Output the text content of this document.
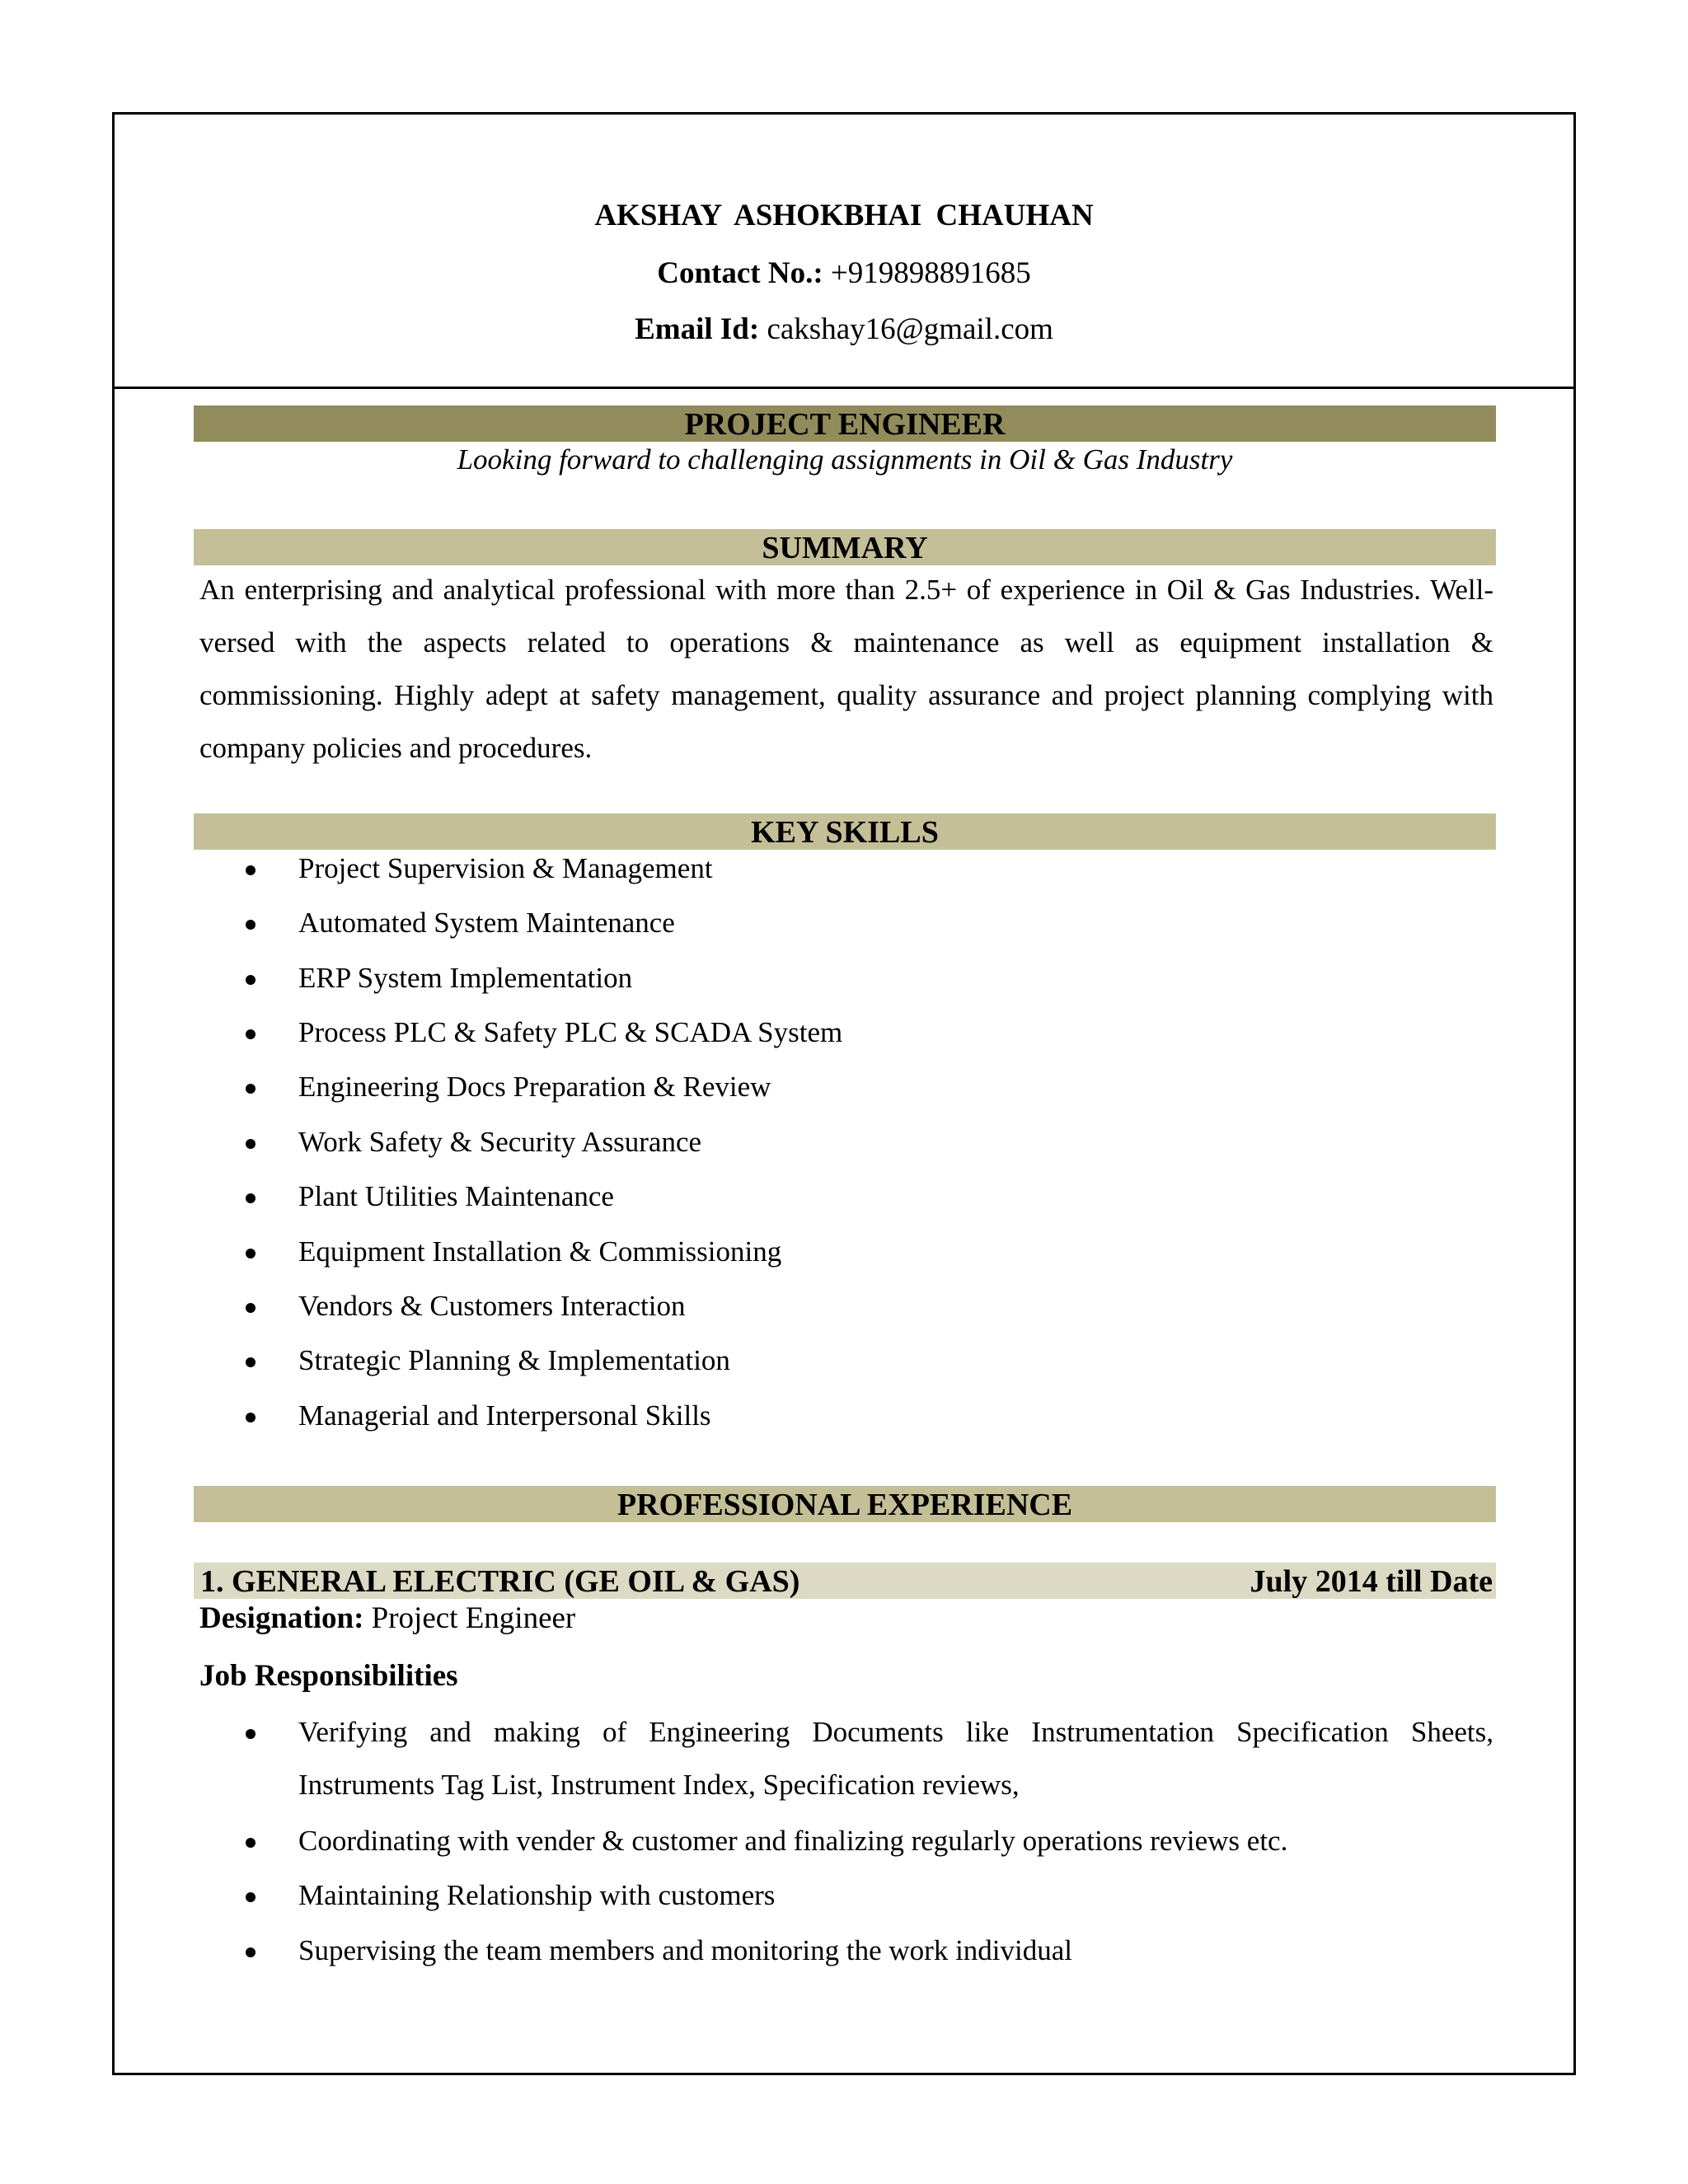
AKSHAY ASHOKBHAI CHAUHAN
Contact No.: +919898891685
Email Id: cakshay16@gmail.com
PROJECT ENGINEER
Looking forward to challenging assignments in Oil & Gas Industry
SUMMARY

An enterprising and analytical professional with more than 2.5+ of experience in Oil & Gas Industries. Well-versed with the aspects related to operations & maintenance as well as equipment installation & commissioning. Highly adept at safety management, quality assurance and project planning complying with company policies and procedures.

KEY SKILLS
Project Supervision & Management
Automated System Maintenance
ERP System Implementation
Process PLC & Safety PLC & SCADA System
Engineering Docs Preparation & Review
Work Safety & Security Assurance
Plant Utilities Maintenance
Equipment Installation & Commissioning
Vendors & Customers Interaction
Strategic Planning & Implementation
Managerial and Interpersonal Skills
PROFESSIONAL EXPERIENCE
1. GENERAL ELECTRIC (GE OIL & GAS)	July 2014 till Date
Designation: Project Engineer
Job Responsibilities

Verifying and making of Engineering Documents like Instrumentation Specification Sheets, Instruments Tag List, Instrument Index, Specification reviews,

Coordinating with vender & customer and finalizing regularly operations reviews etc.

Maintaining Relationship with customers

Supervising the team members and monitoring the work individual
